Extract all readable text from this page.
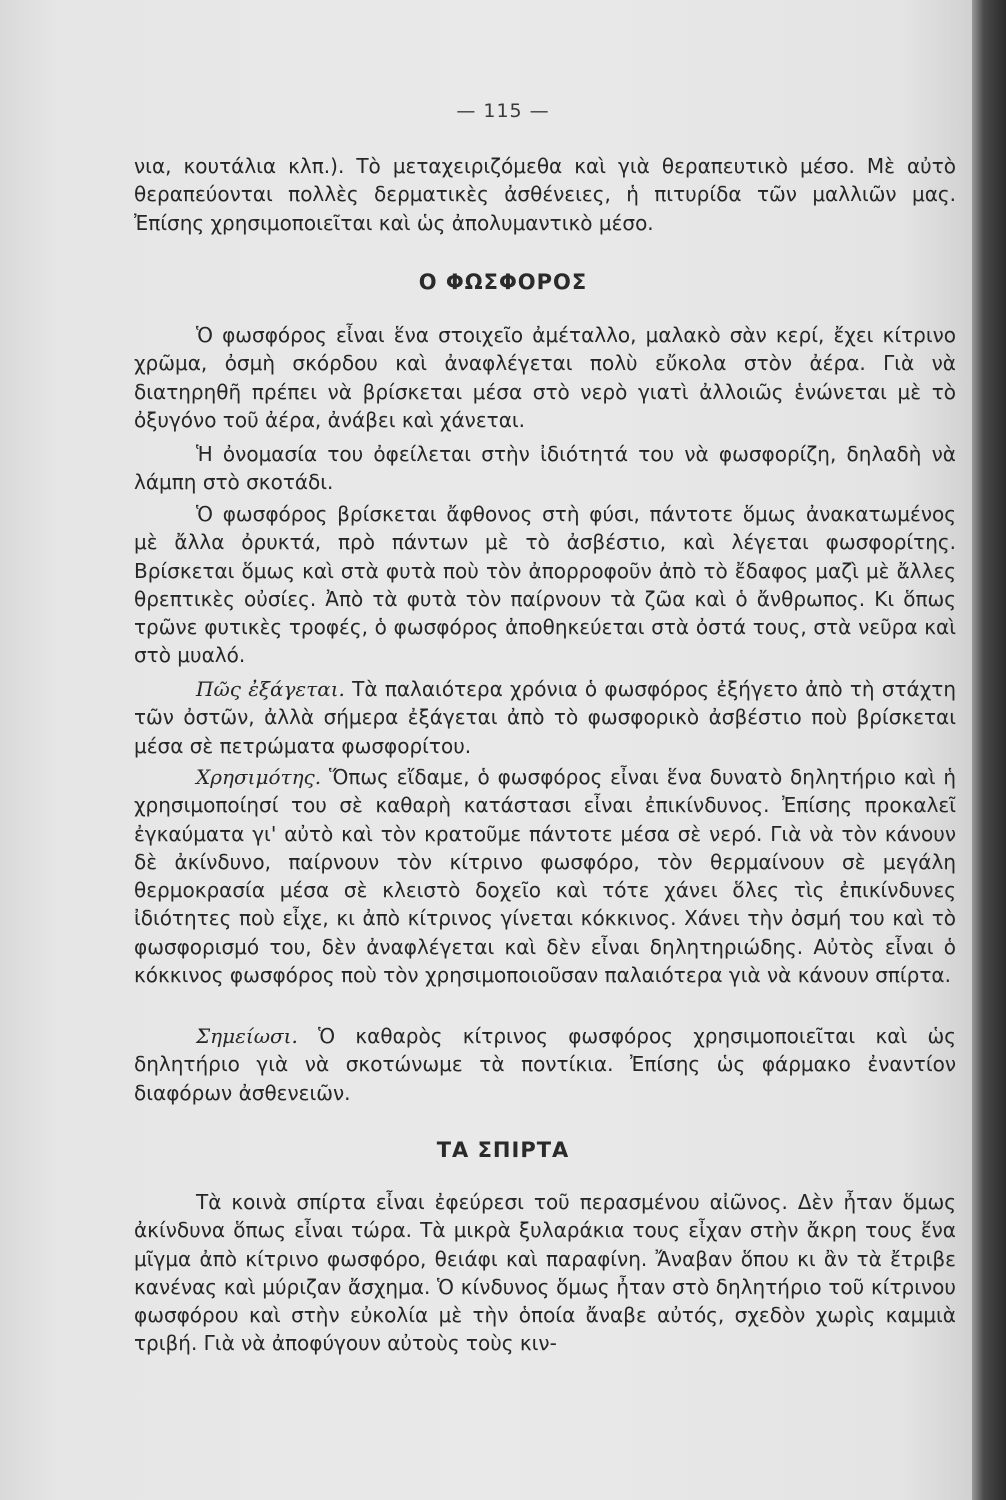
— 115 —

νια, κουτάλια κλπ.). Τὸ μεταχειριζόμεθα καὶ γιὰ θεραπευτικὸ μέσο. Μὲ αὐτὸ θεραπεύονται πολλὲς δερματικὲς ἀσθένειες, ἡ πιτυρίδα τῶν μαλλιῶν μας. Ἐπίσης χρησιμοποιεῖται καὶ ὡς ἀπολυμαντικὸ μέσο.

Ο ΦΩΣΦΟΡΟΣ

Ὁ φωσφόρος εἶναι ἕνα στοιχεῖο ἀμέταλλο, μαλακὸ σὰν κερί, ἔχει κίτρινο χρῶμα, ὀσμὴ σκόρδου καὶ ἀναφλέγεται πολὺ εὔκολα στὸν ἀέρα. Γιὰ νὰ διατηρηθῆ πρέπει νὰ βρίσκεται μέσα στὸ νερὸ γιατὶ ἀλλοιῶς ἑνώνεται μὲ τὸ ὀξυγόνο τοῦ ἀέρα, ἀνάβει καὶ χάνεται.

Ἡ ὀνομασία του ὀφείλεται στὴν ἰδιότητά του νὰ φωσφορίζη, δηλαδὴ νὰ λάμπη στὸ σκοτάδι.

Ὁ φωσφόρος βρίσκεται ἄφθονος στὴ φύσι, πάντοτε ὅμως ἀνακατωμένος μὲ ἄλλα ὀρυκτά, πρὸ πάντων μὲ τὸ ἀσβέστιο, καὶ λέγεται φωσφορίτης. Βρίσκεται ὅμως καὶ στὰ φυτὰ ποὺ τὸν ἀπορροφοῦν ἀπὸ τὸ ἔδαφος μαζὶ μὲ ἄλλες θρεπτικὲς οὐσίες. Ἀπὸ τὰ φυτὰ τὸν παίρνουν τὰ ζῶα καὶ ὁ ἄνθρωπος. Κι ὅπως τρῶνε φυτικὲς τροφές, ὁ φωσφόρος ἀποθηκεύεται στὰ ὀστά τους, στὰ νεῦρα καὶ στὸ μυαλό.

Πῶς ἐξάγεται. Τὰ παλαιότερα χρόνια ὁ φωσφόρος ἐξήγετο ἀπὸ τὴ στάχτη τῶν ὀστῶν, ἀλλὰ σήμερα ἐξάγεται ἀπὸ τὸ φωσφορικὸ ἀσβέστιο ποὺ βρίσκεται μέσα σὲ πετρώματα φωσφορίτου.

Χρησιμότης. Ὅπως εἴδαμε, ὁ φωσφόρος εἶναι ἕνα δυνατὸ δηλητήριο καὶ ἡ χρησιμοποίησί του σὲ καθαρὴ κατάστασι εἶναι ἐπικίνδυνος. Ἐπίσης προκαλεῖ ἐγκαύματα γι' αὐτὸ καὶ τὸν κρατοῦμε πάντοτε μέσα σὲ νερό. Γιὰ νὰ τὸν κάνουν δὲ ἀκίνδυνο, παίρνουν τὸν κίτρινο φωσφόρο, τὸν θερμαίνουν σὲ μεγάλη θερμοκρασία μέσα σὲ κλειστὸ δοχεῖο καὶ τότε χάνει ὅλες τὶς ἐπικίνδυνες ἰδιότητες ποὺ εἶχε, κι ἀπὸ κίτρινος γίνεται κόκκινος. Χάνει τὴν ὀσμή του καὶ τὸ φωσφορισμό του, δὲν ἀναφλέγεται καὶ δὲν εἶναι δηλητηριώδης. Αὐτὸς εἶναι ὁ κόκκινος φωσφόρος ποὺ τὸν χρησιμοποιοῦσαν παλαιότερα γιὰ νὰ κάνουν σπίρτα.

Σημείωσι. Ὁ καθαρὸς κίτρινος φωσφόρος χρησιμοποιεῖται καὶ ὡς δηλητήριο γιὰ νὰ σκοτώνωμε τὰ ποντίκια. Ἐπίσης ὡς φάρμακο ἐναντίον διαφόρων ἀσθενειῶν.

ΤΑ ΣΠΙΡΤΑ

Τὰ κοινὰ σπίρτα εἶναι ἐφεύρεσι τοῦ περασμένου αἰῶνος. Δὲν ἦταν ὅμως ἀκίνδυνα ὅπως εἶναι τώρα. Τὰ μικρὰ ξυλαράκια τους εἶχαν στὴν ἄκρη τους ἕνα μῖγμα ἀπὸ κίτρινο φωσφόρο, θειάφι καὶ παραφίνη. Ἄναβαν ὅπου κι ἂν τὰ ἔτριβε κανένας καὶ μύριζαν ἄσχημα. Ὁ κίνδυνος ὅμως ἦταν στὸ δηλητήριο τοῦ κίτρινου φωσφόρου καὶ στὴν εὐκολία μὲ τὴν ὁποία ἄναβε αὐτός, σχεδὸν χωρὶς καμμιὰ τριβή. Γιὰ νὰ ἀποφύγουν αὐτοὺς τοὺς κιν-
